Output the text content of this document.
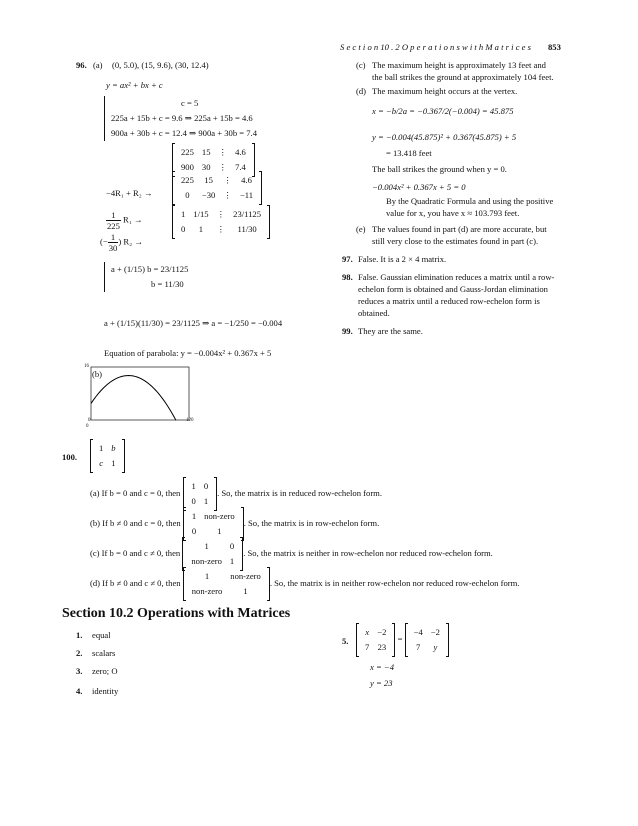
S e c t i o n 10 . 2 O p e r a t i o n s w i t h M a t r i c e s 853
96. (a) (0, 5.0), (15, 9.6), (30, 12.4)
y = ax² + bx + c
c = 5
225a + 15b + c = 9.6 ⇒ 225a + 15b = 4.6
900a + 30b + c = 12.4 ⇒ 900a + 30b = 7.4
225	15	⋮	4.6
900	30	⋮	7.4
−4R₁ + R₂ →
225	15	⋮	4.6
0	−30	⋮	−11
$\frac{1}{225} R_1$ →
(− $\frac{1}{30}$ ) R₂ →
1	1/15	⋮	23/1125
0	1	⋮	11/30
a + (1/15) b = 23/1125
b = 11/30
a + (1/15)(11/30) = 23/1125 ⇒ a = −1/250 = −0.004
Equation of parabola: y = −0.004x² + 0.367x + 5
(b)
16
0	120
0
100.
1	b
c	1
(a) If b = 0 and c = 0, then
1	0
0	1
. So, the matrix is in reduced row-echelon form.
(b) If b ≠ 0 and c = 0, then
1	non-zero
0	1
. So, the matrix is in row-echelon form.
(c) If b = 0 and c ≠ 0, then
1	0
non-zero	1
. So, the matrix is neither in row-echelon nor reduced row-echelon form.
(d) If b ≠ 0 and c ≠ 0, then
1	non-zero
non-zero	1
. So, the matrix is in neither row-echelon nor reduced row-echelon form.
Section 10.2 Operations with Matrices
1. equal
2. scalars
3. zero; O
4. identity
5.
x	−2
7	23
=
−4	−2
7	y
x = −4
y = 23
(c) The maximum height is approximately 13 feet and
the ball strikes the ground at approximately 104 feet.
(d) The maximum height occurs at the vertex.
x = −b/2a = −0.367/2(−0.004) = 45.875
y = −0.004(45.875)² + 0.367(45.875) + 5
= 13.418 feet
The ball strikes the ground when y = 0.
−0.004x² + 0.367x + 5 = 0
By the Quadratic Formula and using the positive
value for x, you have x ≈ 103.793 feet.
(e) The values found in part (d) are more accurate, but
still very close to the estimates found in part (c).
97. False. It is a 2 × 4 matrix.
98. False. Gaussian elimination reduces a matrix until a row-
echelon form is obtained and Gauss-Jordan elimination
reduces a matrix until a reduced row-echelon form is
obtained.
99. They are the same.
